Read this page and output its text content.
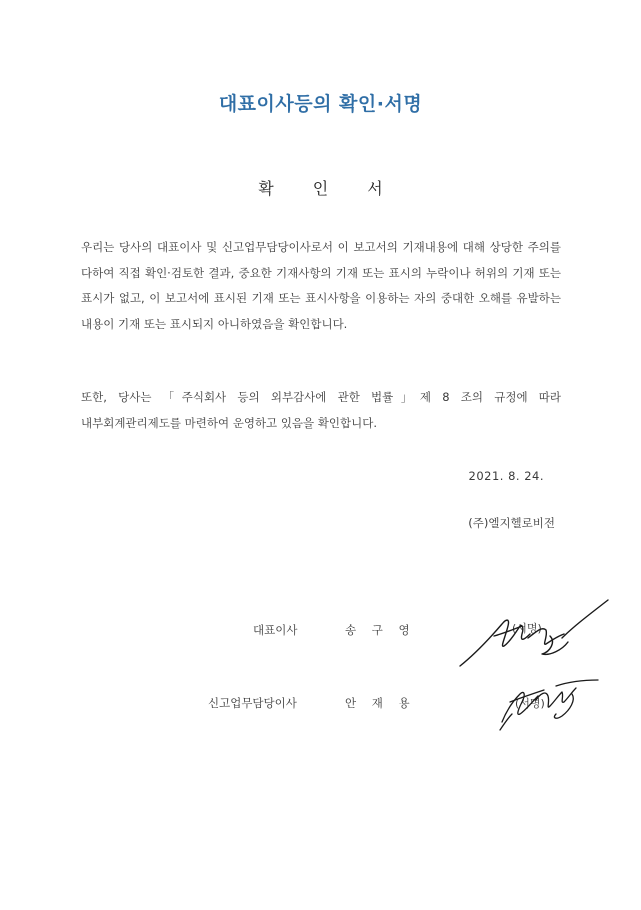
대표이사등의 확인·서명
확 인 서

우리는 당사의 대표이사 및 신고업무담당이사로서 이 보고서의 기재내용에 대해 상당한 주의를 다하여 직접 확인·검토한 결과, 중요한 기재사항의 기재 또는 표시의 누락이나 허위의 기재 또는 표시가 없고, 이 보고서에 표시된 기재 또는 표시사항을 이용하는 자의 중대한 오해를 유발하는 내용이 기재 또는 표시되지 아니하였음을 확인합니다.

또한, 당사는 「주식회사 등의 외부감사에 관한 법률」제 8 조의 규정에 따라 내부회계관리제도를 마련하여 운영하고 있음을 확인합니다.

2021. 8. 24.
(주)엘지헬로비전
대표이사	송 구 영	(서명)
신고업무담당이사	안 재 용	(서명)
